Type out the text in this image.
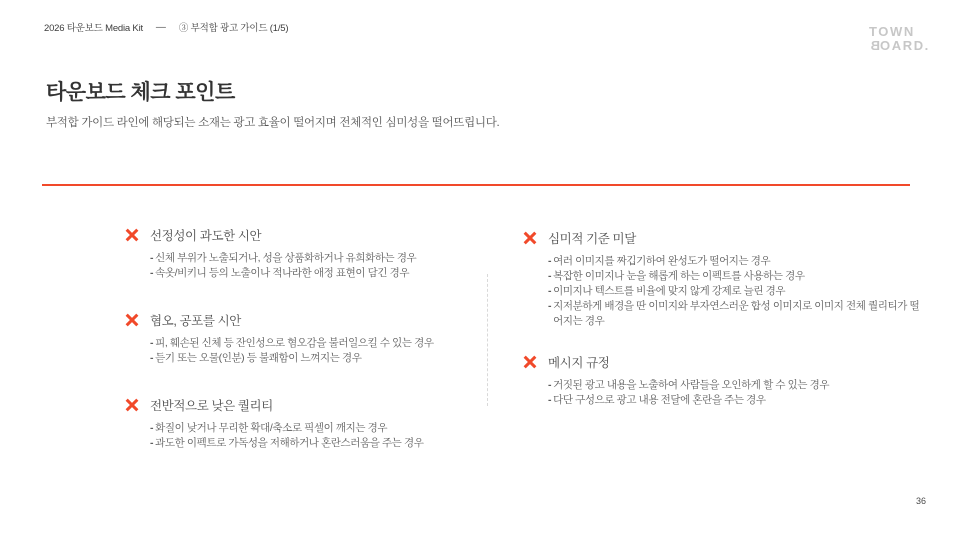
2026 타운보드 Media Kit — ③ 부적합 광고 가이드 (1/5)	TOWN
BOARD.
타운보드 체크 포인트

부적합 가이드 라인에 해당되는 소재는 광고 효율이 떨어지며 전체적인 심미성을 떨어뜨립니다.

선정성이 과도한 시안
- 신체 부위가 노출되거나, 성을 상품화하거나 유희화하는 경우
- 속옷/비키니 등의 노출이나 적나라한 애정 표현이 담긴 경우
혐오, 공포를 시안
- 피, 훼손된 신체 등 잔인성으로 혐오감을 불러일으킬 수 있는 경우
- 듣기 또는 오물(인분) 등 불쾌함이 느껴지는 경우
전반적으로 낮은 퀄리티
- 화질이 낮거나 무리한 확대/축소로 픽셀이 깨지는 경우
- 과도한 이펙트로 가독성을 저해하거나 혼란스러움을 주는 경우
심미적 기준 미달
- 여러 이미지를 짜깁기하여 완성도가 떨어지는 경우
- 복잡한 이미지나 눈을 해롭게 하는 이펙트를 사용하는 경우
- 이미지나 텍스트를 비율에 맞지 않게 강제로 늘린 경우
- 지저분하게 배경을 딴 이미지와 부자연스러운 합성 이미지로 이미지 전체 퀄리티가 떨어지는 경우
메시지 규정
- 거짓된 광고 내용을 노출하여 사람들을 오인하게 할 수 있는 경우
- 다단 구성으로 광고 내용 전달에 혼란을 주는 경우
36
